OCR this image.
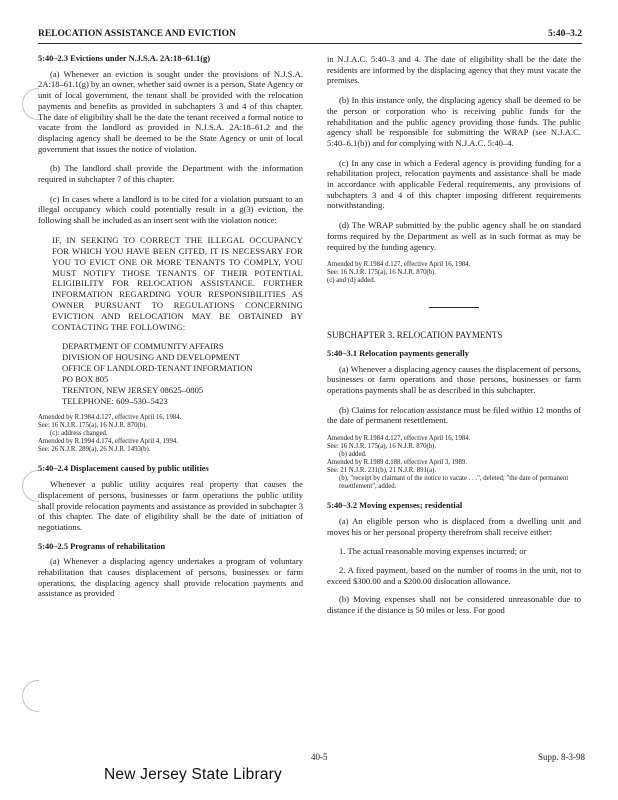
RELOCATION ASSISTANCE AND EVICTION	5:40–3.2

5:40–2.3 Evictions under N.J.S.A. 2A:18–61.1(g)

(a) Whenever an eviction is sought under the provisions of N.J.S.A. 2A:18–61.1(g) by an owner, whether said owner is a person, State Agency or unit of local government, the tenant shall be provided with the relocation payments and benefits as provided in subchapters 3 and 4 of this chapter. The date of eligibility shall be the date the tenant received a formal notice to vacate from the landlord as provided in N.J.S.A. 2A:18–61.2 and the displacing agency shall be deemed to be the State Agency or unit of local government that issues the notice of violation.

(b) The landlord shall provide the Department with the information required in subchapter 7 of this chapter.

(c) In cases where a landlord is to be cited for a violation pursuant to an illegal occupancy which could potentially result in a g(3) eviction, the following shall be included as an insert sent with the violation notice:

IF, IN SEEKING TO CORRECT THE ILLEGAL OCCUPANCY FOR WHICH YOU HAVE BEEN CITED, IT IS NECESSARY FOR YOU TO EVICT ONE OR MORE TENANTS TO COMPLY, YOU MUST NOTIFY THOSE TENANTS OF THEIR POTENTIAL ELIGIBILITY FOR RELOCATION ASSISTANCE. FURTHER INFORMATION REGARDING YOUR RESPONSIBILITIES AS OWNER PURSUANT TO REGULATIONS CONCERNING EVICTION AND RELOCATION MAY BE OBTAINED BY CONTACTING THE FOLLOWING:

DEPARTMENT OF COMMUNITY AFFAIRS
DIVISION OF HOUSING AND DEVELOPMENT
OFFICE OF LANDLORD-TENANT INFORMATION
PO BOX 805
TRENTON, NEW JERSEY 08625–0805
TELEPHONE: 609–530–5423
Amended by R.1984 d.127, effective April 16, 1984.
See: 16 N.J.R. 175(a), 16 N.J.R. 870(b).
(c): address changed.
Amended by R.1994 d.174, effective April 4, 1994.
See: 26 N.J.R. 289(a), 26 N.J.R. 1493(b).

5:40–2.4 Displacement caused by public utilities

Whenever a public utility acquires real property that causes the displacement of persons, businesses or farm operations the public utility shall provide relocation payments and assistance as provided in subchapter 3 of this chapter. The date of eligibility shall be the date of initiation of negotiations.

5:40–2.5 Programs of rehabilitation

(a) Whenever a displacing agency undertakes a program of voluntary rehabilitation that causes displacement of persons, businesses or farm operations, the displacing agency shall provide relocation payments and assistance as provided

in N.J.A.C. 5:40–3 and 4. The date of eligibility shall be the date the residents are informed by the displacing agency that they must vacate the premises.

(b) In this instance only, the displacing agency shall be deemed to be the person or corporation who is receiving public funds for the rehabilitation and the public agency providing those funds. The public agency shall be responsible for submitting the WRAP (see N.J.A.C. 5:40–6.1(b)) and for complying with N.J.A.C. 5:40–4.

(c) In any case in which a Federal agency is providing funding for a rehabilitation project, relocation payments and assistance shall be made in accordance with applicable Federal requirements, any provisions of subchapters 3 and 4 of this chapter imposing different requirements notwithstanding.

(d) The WRAP submitted by the public agency shall be on standard forms required by the Department as well as in such format as may be required by the funding agency.

Amended by R.1984 d.127, effective April 16, 1984.
See: 16 N.J.R. 175(a), 16 N.J.R. 870(b).
(c) and (d) added.

SUBCHAPTER 3. RELOCATION PAYMENTS

5:40–3.1 Relocation payments generally

(a) Whenever a displacing agency causes the displacement of persons, businesses or farm operations and those persons, businesses or farm operations payments shall be as described in this subchapter.

(b) Claims for relocation assistance must be filed within 12 months of the date of permanent resettlement.

Amended by R.1984 d.127, effective April 16, 1984.
See: 16 N.J.R. 175(a), 16 N.J.R. 870(b).
(b) added.
Amended by R.1989 d.188, effective April 3, 1989.
See: 21 N.J.R. 231(b), 21 N.J.R. 891(a).
(b), "receipt by claimant of the notice to vacate . . .", deleted; "the date of permanent resettlement", added.

5:40–3.2 Moving expenses; residential

(a) An eligible person who is displaced from a dwelling unit and moves his or her personal property therefrom shall receive either:

1. The actual reasonable moving expenses incurred; or

2. A fixed payment, based on the number of rooms in the unit, not to exceed $300.00 and a $200.00 dislocation allowance.

(b) Moving expenses shall not be considered unreasonable due to distance if the distance is 50 miles or less. For good

40-5	Supp. 8-3-98
New Jersey State Library
